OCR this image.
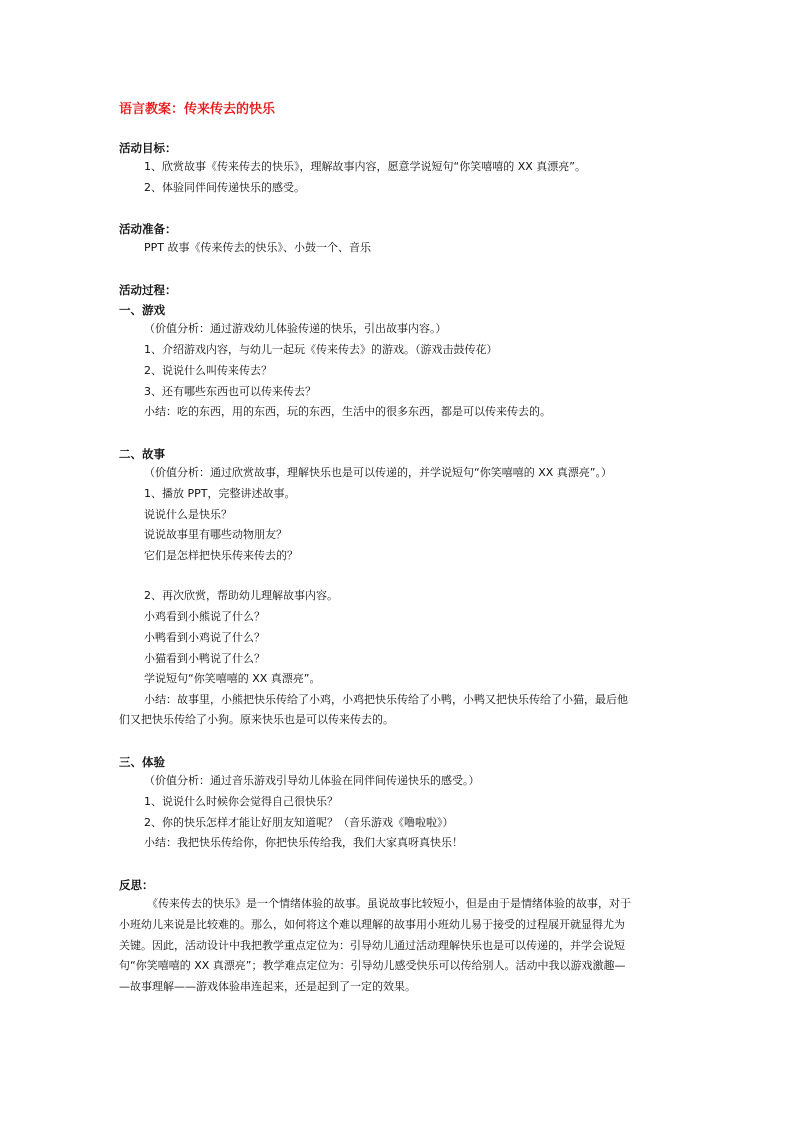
语言教案：传来传去的快乐
活动目标：
1、欣赏故事《传来传去的快乐》，理解故事内容，愿意学说短句“你笑嘻嘻的 XX 真漂亮”。
2、体验同伴间传递快乐的感受。
活动准备：
PPT 故事《传来传去的快乐》、小鼓一个、音乐
活动过程：
一、游戏
（价值分析：通过游戏幼儿体验传递的快乐，引出故事内容。）
1、介绍游戏内容，与幼儿一起玩《传来传去》的游戏。（游戏击鼓传花）
2、说说什么叫传来传去？
3、还有哪些东西也可以传来传去？
小结：吃的东西，用的东西，玩的东西，生活中的很多东西，都是可以传来传去的。
二、故事
（价值分析：通过欣赏故事，理解快乐也是可以传递的，并学说短句“你笑嘻嘻的 XX 真漂亮”。）
1、播放 PPT，完整讲述故事。
说说什么是快乐？
说说故事里有哪些动物朋友？
它们是怎样把快乐传来传去的？
2、再次欣赏，帮助幼儿理解故事内容。
小鸡看到小熊说了什么？
小鸭看到小鸡说了什么？
小猫看到小鸭说了什么？
学说短句“你笑嘻嘻的 XX 真漂亮”。
小结：故事里，小熊把快乐传给了小鸡，小鸡把快乐传给了小鸭，小鸭又把快乐传给了小猫，最后他
们又把快乐传给了小狗。原来快乐也是可以传来传去的。
三、体验
（价值分析：通过音乐游戏引导幼儿体验在同伴间传递快乐的感受。）
1、说说什么时候你会觉得自己很快乐？
2、你的快乐怎样才能让好朋友知道呢？（音乐游戏《噜啦啦》）
小结：我把快乐传给你，你把快乐传给我，我们大家真呀真快乐！
反思：
《传来传去的快乐》是一个情绪体验的故事。虽说故事比较短小，但是由于是情绪体验的故事，对于
小班幼儿来说是比较难的。那么，如何将这个难以理解的故事用小班幼儿易于接受的过程展开就显得尤为
关键。因此，活动设计中我把教学重点定位为：引导幼儿通过活动理解快乐也是可以传递的，并学会说短
句“你笑嘻嘻的 XX 真漂亮”；教学难点定位为：引导幼儿感受快乐可以传给别人。活动中我以游戏激趣—
—故事理解——游戏体验串连起来，还是起到了一定的效果。
